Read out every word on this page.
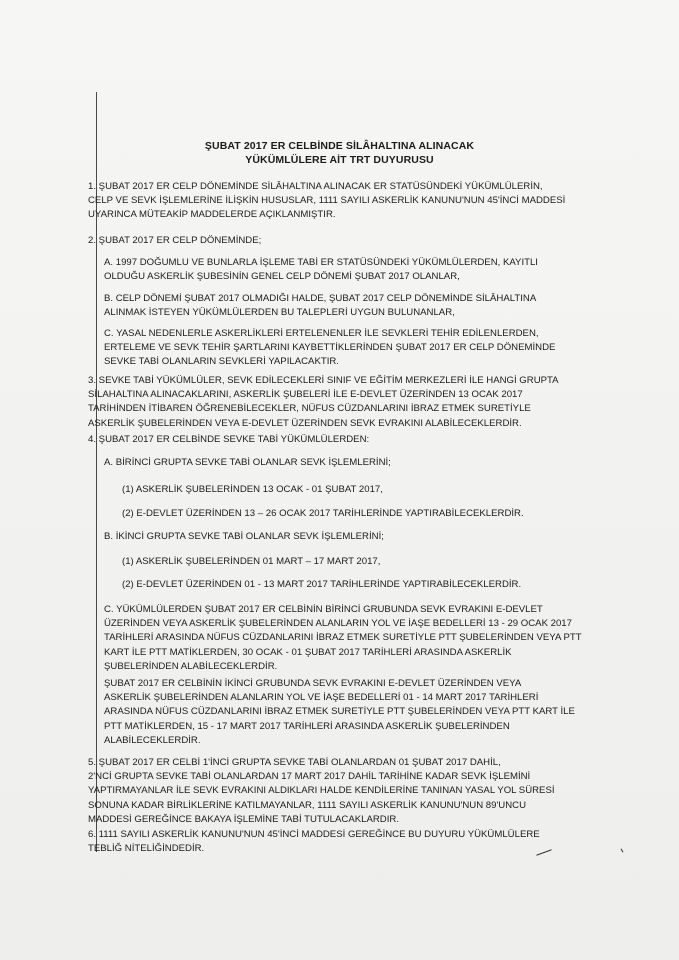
ŞUBAT 2017 ER CELBİNDE SİLÂHALTINA ALINACAK
YÜKÜMLÜLERE AİT TRT DUYURUSU
1. ŞUBAT 2017 ER CELP DÖNEMİNDE SİLÂHALTINA ALINACAK ER STATÜSÜNDEKİ YÜKÜMLÜLERİN,
CELP VE SEVK İŞLEMLERİNE İLİŞKİN HUSUSLAR, 1111 SAYILI ASKERLİK KANUNU'NUN 45'İNCİ MADDESİ
UYARINCA MÜTEAKİP MADDELERDE AÇIKLANMIŞTIR.
2. ŞUBAT 2017 ER CELP DÖNEMİNDE;
A. 1997 DOĞUMLU VE BUNLARLA İŞLEME TABİ ER STATÜSÜNDEKİ YÜKÜMLÜLERDEN, KAYITLI
OLDUĞU ASKERLİK ŞUBESİNİN GENEL CELP DÖNEMİ ŞUBAT 2017 OLANLAR,
B. CELP DÖNEMİ ŞUBAT 2017 OLMADIĞI HALDE, ŞUBAT 2017 CELP DÖNEMİNDE SİLÂHALTINA
ALINMAK İSTEYEN YÜKÜMLÜLERDEN BU TALEPLERİ UYGUN BULUNANLAR,
C. YASAL NEDENLERLE ASKERLİKLERİ ERTELENENLER İLE SEVKLERİ TEHİR EDİLENLERDEN,
ERTELEME VE SEVK TEHİR ŞARTLARINI KAYBETTİKLERİNDEN ŞUBAT 2017 ER CELP DÖNEMİNDE
SEVKE TABİ OLANLARIN SEVKLERİ YAPILACAKTIR.
3. SEVKE TABİ YÜKÜMLÜLER, SEVK EDİLECEKLERİ SINIF VE EĞİTİM MERKEZLERİ İLE HANGİ GRUPTA
SİLAHALTINA ALINACAKLARINI, ASKERLİK ŞUBELERİ İLE E-DEVLET ÜZERİNDEN 13 OCAK 2017
TARİHİNDEN İTİBAREN ÖĞRENEBİLECEKLER, NÜFUS CÜZDANLARINI İBRAZ ETMEK SURETİYLE
ASKERLİK ŞUBELERİNDEN VEYA E-DEVLET ÜZERİNDEN SEVK EVRAKINI ALABİLECEKLERDİR.
4. ŞUBAT 2017 ER CELBİNDE SEVKE TABİ YÜKÜMLÜLERDEN:
A. BİRİNCİ GRUPTA SEVKE TABİ OLANLAR SEVK İŞLEMLERİNİ;
(1) ASKERLİK ŞUBELERİNDEN 13 OCAK - 01 ŞUBAT 2017,
(2) E-DEVLET ÜZERİNDEN 13 – 26 OCAK 2017 TARİHLERİNDE YAPTIRABİLECEKLERDİR.
B. İKİNCİ GRUPTA SEVKE TABİ OLANLAR SEVK İŞLEMLERİNİ;
(1) ASKERLİK ŞUBELERİNDEN 01 MART – 17 MART 2017,
(2) E-DEVLET ÜZERİNDEN 01 - 13 MART 2017 TARİHLERİNDE YAPTIRABİLECEKLERDİR.
C. YÜKÜMLÜLERDEN ŞUBAT 2017 ER CELBİNİN BİRİNCİ GRUBUNDA SEVK EVRAKINI E-DEVLET
ÜZERİNDEN VEYA ASKERLİK ŞUBELERİNDEN ALANLARIN YOL VE İAŞE BEDELLERİ 13 - 29 OCAK 2017
TARİHLERİ ARASINDA NÜFUS CÜZDANLARINI İBRAZ ETMEK SURETİYLE PTT ŞUBELERİNDEN VEYA PTT
KART İLE PTT MATİKLERDEN, 30 OCAK - 01 ŞUBAT 2017 TARİHLERİ ARASINDA ASKERLİK
ŞUBELERİNDEN ALABİLECEKLERDİR.
ŞUBAT 2017 ER CELBİNİN İKİNCİ GRUBUNDA SEVK EVRAKINI E-DEVLET ÜZERİNDEN VEYA
ASKERLİK ŞUBELERİNDEN ALANLARIN YOL VE İAŞE BEDELLERİ 01 - 14 MART 2017 TARİHLERİ
ARASINDA NÜFUS CÜZDANLARINI İBRAZ ETMEK SURETİYLE PTT ŞUBELERİNDEN VEYA PTT KART İLE
PTT MATİKLERDEN, 15 - 17 MART 2017 TARİHLERİ ARASINDA ASKERLİK ŞUBELERİNDEN
ALABİLECEKLERDİR.
5. ŞUBAT 2017 ER CELBİ 1'İNCİ GRUPTA SEVKE TABİ OLANLARDAN 01 ŞUBAT 2017 DAHİL,
2'NCİ GRUPTA SEVKE TABİ OLANLARDAN 17 MART 2017 DAHİL TARİHİNE KADAR SEVK İŞLEMİNİ
YAPTIRMAYANLAR İLE SEVK EVRAKINI ALDIKLARI HALDE KENDİLERİNE TANINAN YASAL YOL SÜRESİ
SONUNA KADAR BİRLİKLERİNE KATILMAYANLAR, 1111 SAYILI ASKERLİK KANUNU'NUN 89'UNCU
MADDESİ GEREĞİNCE BAKAYA İŞLEMİNE TABİ TUTULACAKLARDIR.
6. 1111 SAYILI ASKERLİK KANUNU'NUN 45'İNCİ MADDESİ GEREĞİNCE BU DUYURU YÜKÜMLÜLERE
TEBLİĞ NİTELİĞİNDEDİR.
